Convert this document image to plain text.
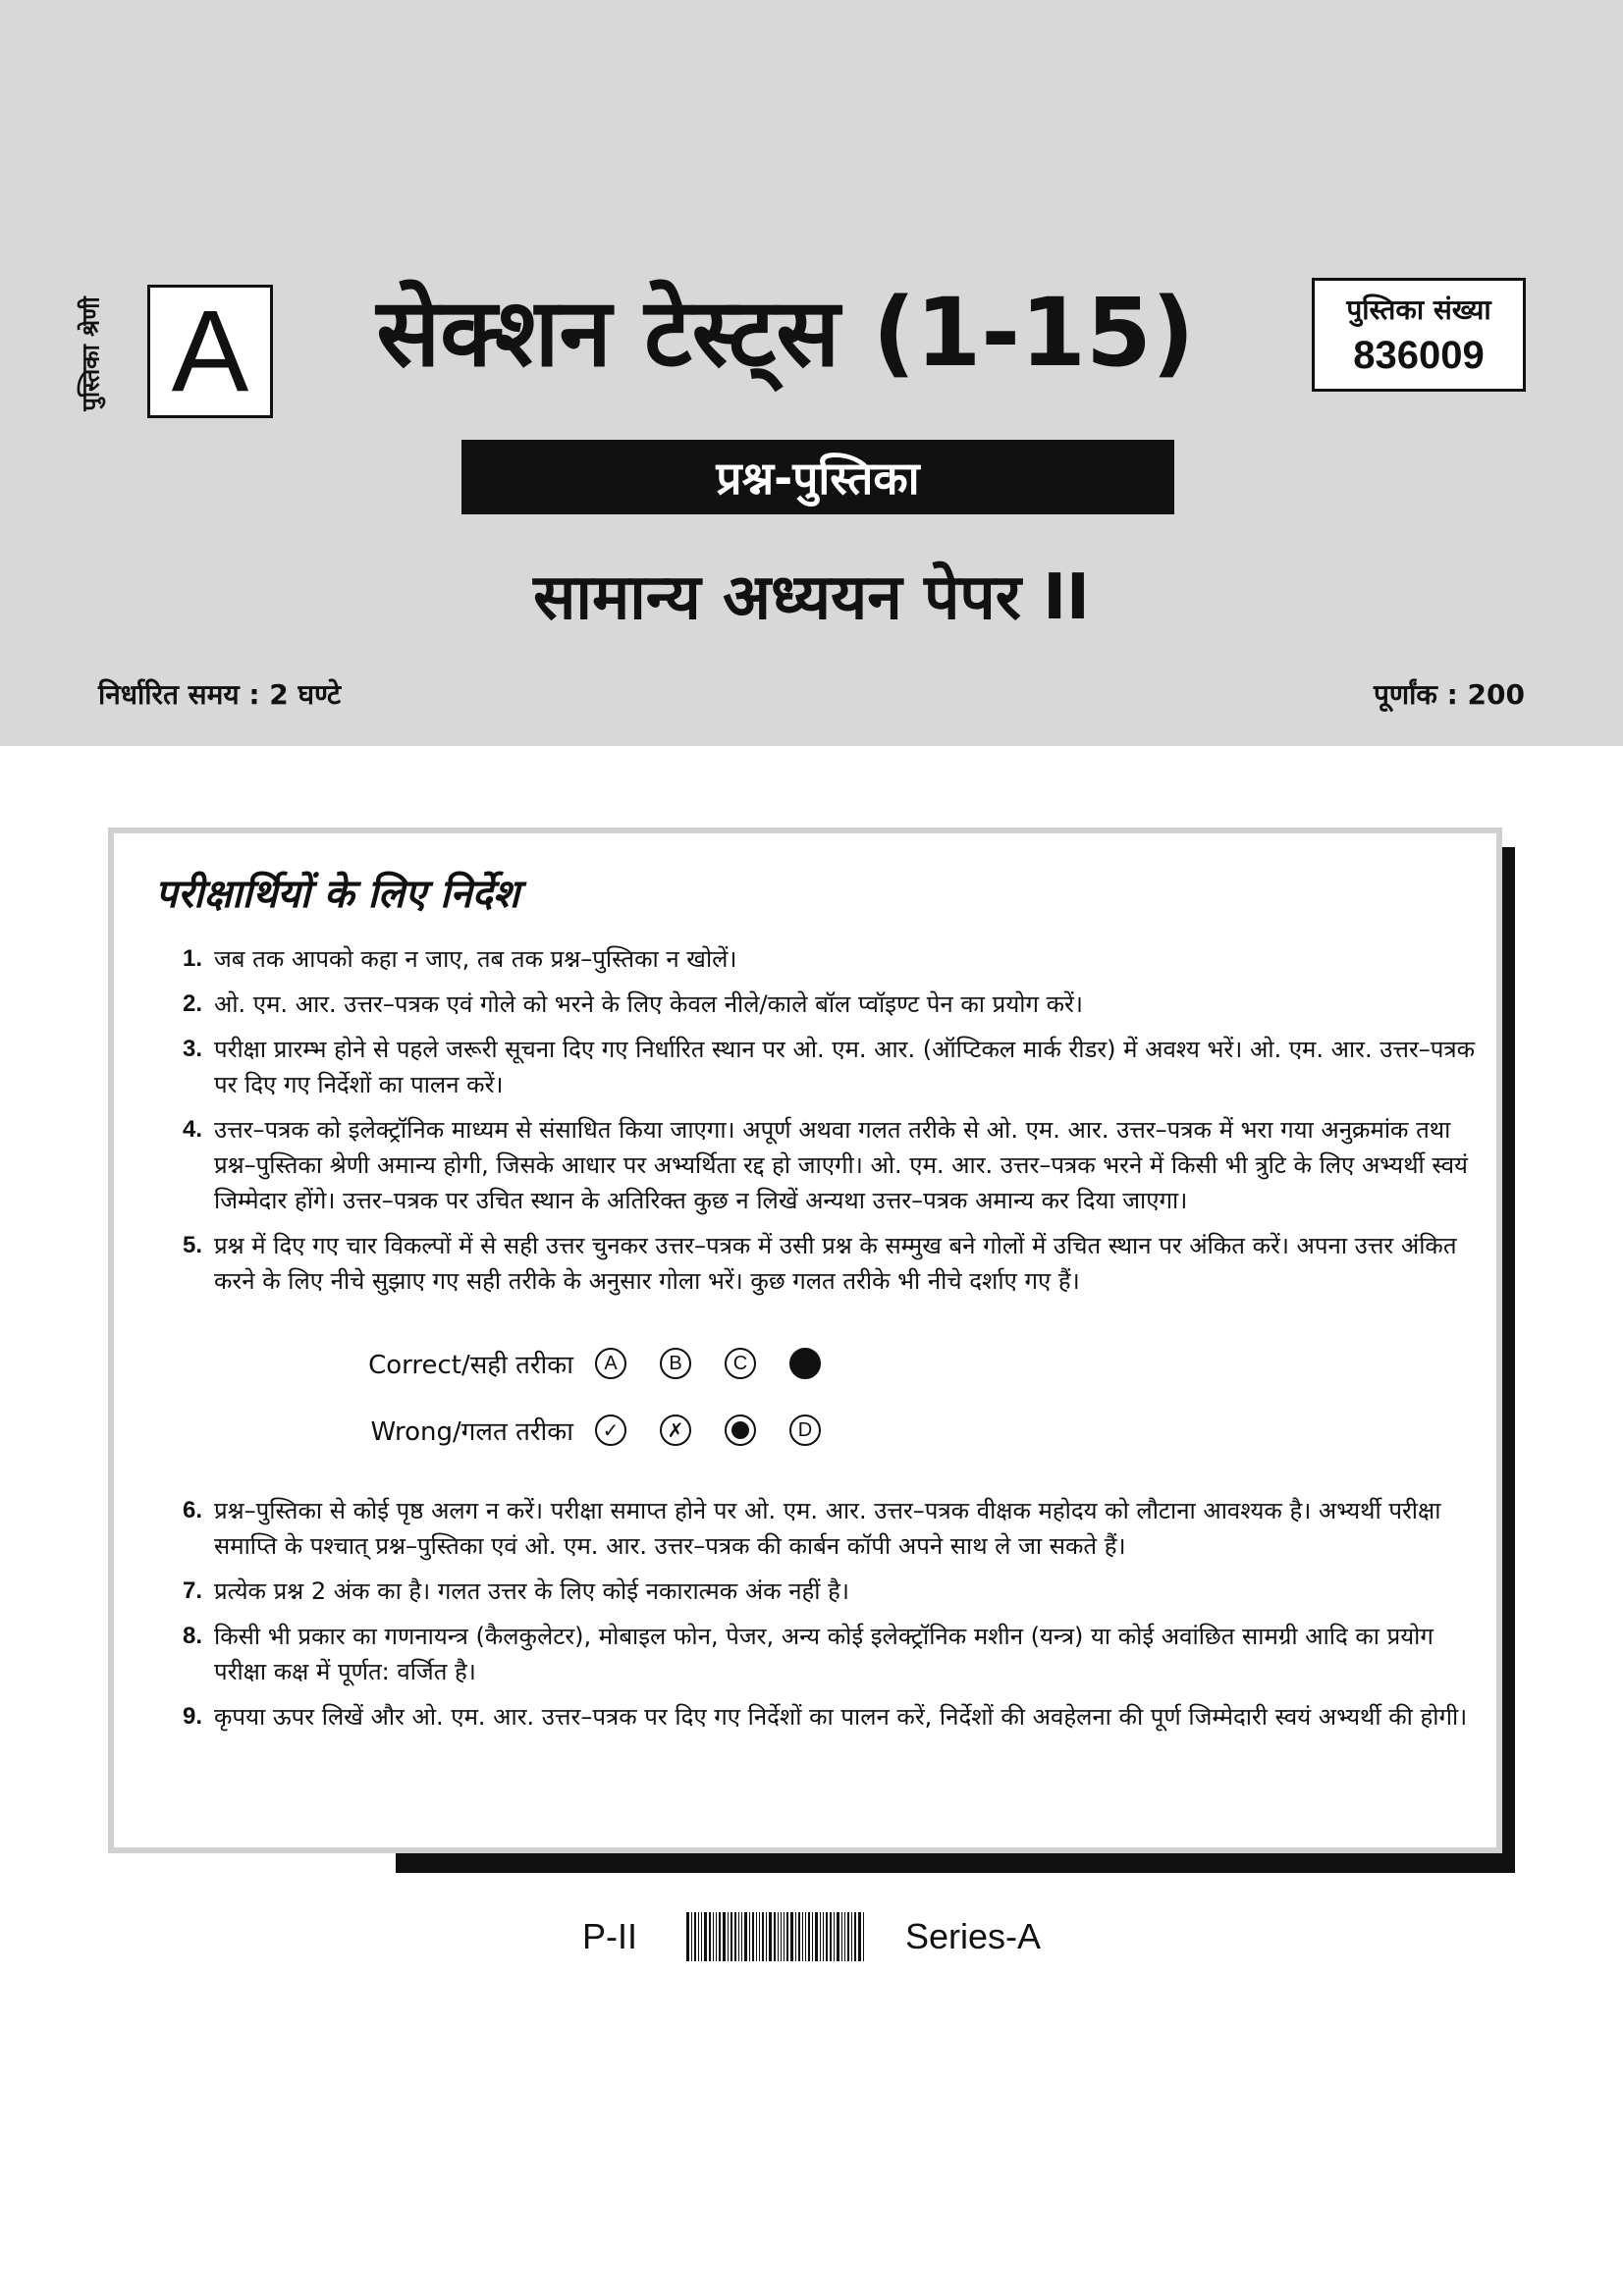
पुस्तिका श्रेणी A	सेक्शन टेस्ट्स (1-15)	पुस्तिका संख्या
836009
प्रश्न-पुस्तिका
सामान्य अध्ययन पेपर II
निर्धारित समय : 2 घण्टे	पूर्णांक : 200
परीक्षार्थियों के लिए निर्देश
1. जब तक आपको कहा न जाए, तब तक प्रश्न–पुस्तिका न खोलें।
2. ओ. एम. आर. उत्तर–पत्रक एवं गोले को भरने के लिए केवल नीले/काले बॉल प्वॉइण्ट पेन का प्रयोग करें।
3. परीक्षा प्रारम्भ होने से पहले जरूरी सूचना दिए गए निर्धारित स्थान पर ओ. एम. आर. (ऑप्टिकल मार्क रीडर) में अवश्य भरें। ओ. एम. आर. उत्तर–पत्रक पर दिए गए निर्देशों का पालन करें।
4. उत्तर–पत्रक को इलेक्ट्रॉनिक माध्यम से संसाधित किया जाएगा। अपूर्ण अथवा गलत तरीके से ओ. एम. आर. उत्तर–पत्रक में भरा गया अनुक्रमांक तथा प्रश्न–पुस्तिका श्रेणी अमान्य होगी, जिसके आधार पर अभ्यर्थिता रद्द हो जाएगी। ओ. एम. आर. उत्तर–पत्रक भरने में किसी भी त्रुटि के लिए अभ्यर्थी स्वयं जिम्मेदार होंगे। उत्तर–पत्रक पर उचित स्थान के अतिरिक्त कुछ न लिखें अन्यथा उत्तर–पत्रक अमान्य कर दिया जाएगा।
5. प्रश्न में दिए गए चार विकल्पों में से सही उत्तर चुनकर उत्तर–पत्रक में उसी प्रश्न के सम्मुख बने गोलों में उचित स्थान पर अंकित करें। अपना उत्तर अंकित करने के लिए नीचे सुझाए गए सही तरीके के अनुसार गोला भरें। कुछ गलत तरीके भी नीचे दर्शाए गए हैं।
Correct/सही तरीका	A	B	C
Wrong/गलत तरीका	✓	✗	D
6. प्रश्न–पुस्तिका से कोई पृष्ठ अलग न करें। परीक्षा समाप्त होने पर ओ. एम. आर. उत्तर–पत्रक वीक्षक महोदय को लौटाना आवश्यक है। अभ्यर्थी परीक्षा समाप्ति के पश्चात् प्रश्न–पुस्तिका एवं ओ. एम. आर. उत्तर–पत्रक की कार्बन कॉपी अपने साथ ले जा सकते हैं।
7. प्रत्येक प्रश्न 2 अंक का है। गलत उत्तर के लिए कोई नकारात्मक अंक नहीं है।
8. किसी भी प्रकार का गणनायन्त्र (कैलकुलेटर), मोबाइल फोन, पेजर, अन्य कोई इलेक्ट्रॉनिक मशीन (यन्त्र) या कोई अवांछित सामग्री आदि का प्रयोग परीक्षा कक्ष में पूर्णत: वर्जित है।
9. कृपया ऊपर लिखें और ओ. एम. आर. उत्तर–पत्रक पर दिए गए निर्देशों का पालन करें, निर्देशों की अवहेलना की पूर्ण जिम्मेदारी स्वयं अभ्यर्थी की होगी।
P-II	Series-A
